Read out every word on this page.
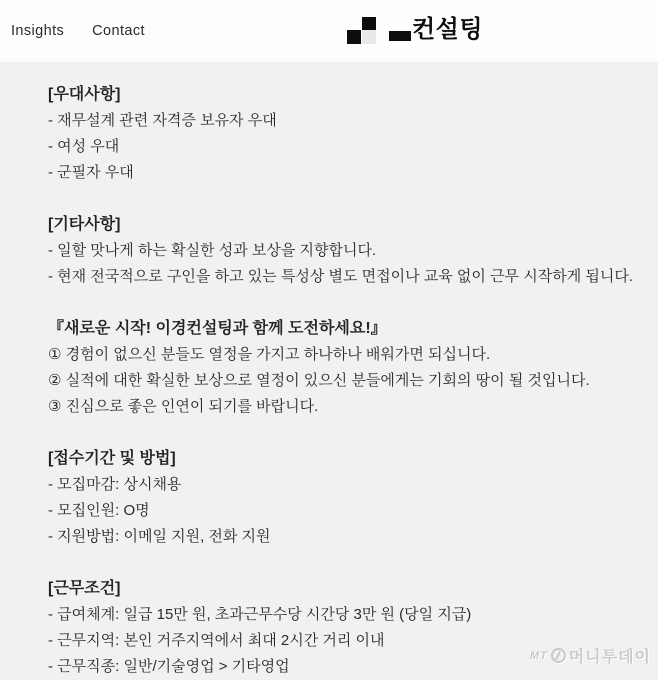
Insights Contact	컨설팅
[우대사항]

- 재무설계 관련 자격증 보유자 우대

- 여성 우대

- 군필자 우대

[기타사항]

- 일할 맛나게 하는 확실한 성과 보상을 지향합니다.

- 현재 전국적으로 구인을 하고 있는 특성상 별도 면접이나 교육 없이 근무 시작하게 됩니다.

『새로운 시작! 이경컨설팅과 함께 도전하세요!』

① 경험이 없으신 분들도 열정을 가지고 하나하나 배워가면 되십니다.

② 실적에 대한 확실한 보상으로 열정이 있으신 분들에게는 기회의 땅이 될 것입니다.

③ 진심으로 좋은 인연이 되기를 바랍니다.

[접수기간 및 방법]

- 모집마감: 상시채용

- 모집인원: O명

- 지원방법: 이메일 지원, 전화 지원

[근무조건]

- 급여체계: 일급 15만 원, 초과근무수당 시간당 3만 원 (당일 지급)

- 근무지역: 본인 거주지역에서 최대 2시간 거리 이내

- 근무직종: 일반/기술영업 > 기타영업

MT 머니투데이
